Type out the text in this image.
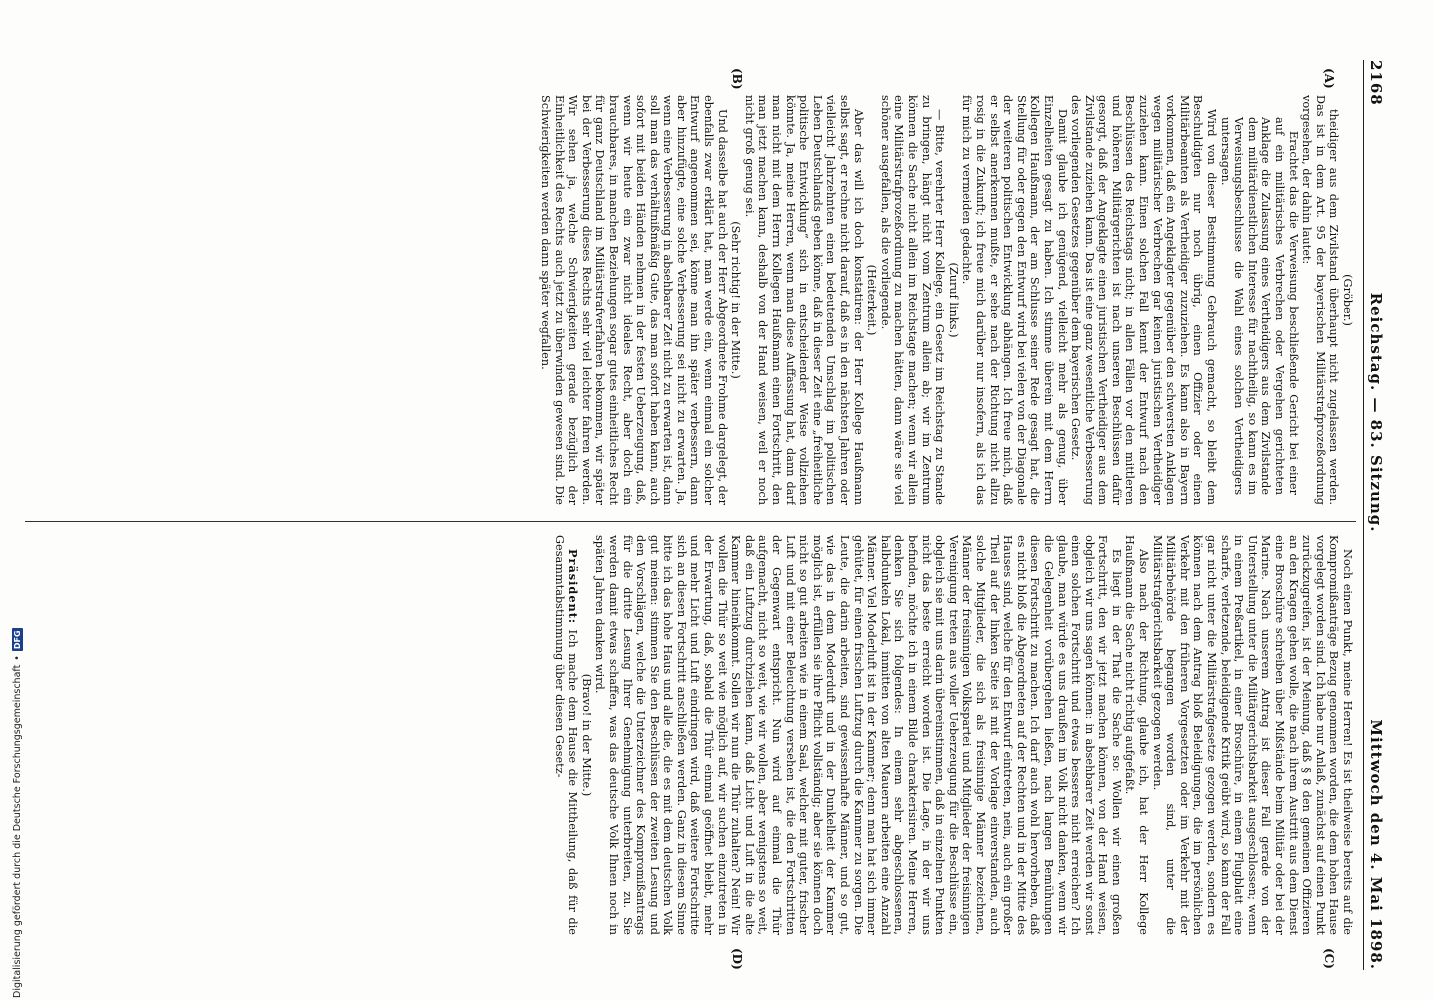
2168
Reichstag. — 83. Sitzung.
Mittwoch den 4. Mai 1898.
(A)
(B)
(C)
(D)

(Gröber.)

theidiger aus dem Zivilstand überhaupt nicht zugelassen werden. Das ist in dem Art. 95 der bayerischen Militärstrafprozeßordnung vorgesehen, der dahin lautet:

Erachtet das die Verweisung beschließende Gericht bei einer auf ein militärisches Verbrechen oder Vergehen gerichteten Anklage die Zulassung eines Vertheidigers aus dem Zivilstande dem militärdienstlichen Interesse für nachtheilig, so kann es im Verweisungsbeschlusse die Wahl eines solchen Vertheidigers untersagen.

Wird von dieser Bestimmung Gebrauch gemacht, so bleibt dem Beschuldigten nur noch übrig, einen Offizier oder einen Militärbeamten als Vertheidiger zuzuziehen. Es kann also in Bayern vorkommen, daß ein Angeklagter gegenüber den schwersten Anklagen wegen militärischer Verbrechen gar keinen juristischen Vertheidiger zuziehen kann. Einen solchen Fall kennt der Entwurf nach den Beschlüssen des Reichstags nicht; in allen Fällen vor den mittleren und höheren Militärgerichten ist nach unseren Beschlüssen dafür gesorgt, daß der Angeklagte einen juristischen Vertheidiger aus dem Zivilstande zuziehen kann. Das ist eine ganz wesentliche Verbesserung des vorliegenden Gesetzes gegenüber dem bayerischen Gesetz.

Damit glaube ich genügend, vielleicht mehr als genug, über Einzelheiten gesagt zu haben. Ich stimme überein mit dem Herrn Kollegen Haußmann, der am Schlusse seiner Rede gesagt hat, die Stellung für oder gegen den Entwurf wird bei vielen von der Diagonale der weiteren politischen Entwicklung abhängen. Ich freue mich, daß er selbst anerkennen mußte, er sehe nach der Richtung nicht allzu rosig in die Zukunft; ich freue mich darüber nur insofern, als ich das für mich zu vermeiden gedachte.

(Zuruf links.)

— Bitte, verehrter Herr Kollege, ein Gesetz im Reichstag zu Stande zu bringen, hängt nicht vom Zentrum allein ab; wir im Zentrum können die Sache nicht allein im Reichstage machen; wenn wir allein eine Militärstrafprozeßordnung zu machen hätten, dann wäre sie viel schöner ausgefallen, als die vorliegende.

(Heiterkeit.)

Aber das will ich doch konstatiren: der Herr Kollege Haußmann selbst sagt, er rechne nicht darauf, daß es in den nächsten Jahren oder vielleicht Jahrzehnten einen bedeutenden Umschlag im politischen Leben Deutschlands geben könne, daß in dieser Zeit eine „freiheitliche politische Entwicklung“ sich in entscheidender Weise vollziehen könnte. Ja, meine Herren, wenn man diese Auffassung hat, dann darf man nicht mit dem Herrn Kollegen Haußmann einen Fortschritt, den man jetzt machen kann, deshalb von der Hand weisen, weil er noch nicht groß genug sei.

(Sehr richtig! in der Mitte.)

Und dasselbe hat auch der Herr Abgeordnete Frohme dargelegt, der ebenfalls zwar erklärt hat, man werde ein, wenn einmal ein solcher Entwurf angenommen sei, könne man ihn später verbessern, dann aber hinzufügte, eine solche Verbesserung sei nicht zu erwarten. Ja, wenn eine Verbesserung in absehbarer Zeit nicht zu erwarten ist, dann soll man das verhältnißmäßig Gute, das man sofort haben kann, auch sofort mit beiden Händen nehmen in der festen Ueberzeugung, daß, wenn wir heute ein zwar nicht ideales Recht, aber doch ein brauchbares, in manchen Beziehungen sogar gutes einheitliches Recht für ganz Deutschland im Militärstrafverfahren bekommen, wir später bei der Verbesserung dieses Rechts sehr viel leichter fahren werden. Wir sehen ja, welche Schwierigkeiten gerade bezüglich der Einheitlichkeit des Rechts auch jetzt zu überwinden gewesen sind. Die Schwierigkeiten werden dann später wegfallen.

Noch einen Punkt, meine Herren! Es ist theilweise bereits auf die Kompromißanträge Bezug genommen worden, die dem hohen Hause vorgelegt worden sind. Ich habe nur Anlaß, zunächst auf einen Punkt zurückzugreifen, ist der Meinung, daß § 8 den gemeinen Offizieren an den Kragen gehen wolle, die nach ihrem Austritt aus dem Dienst eine Broschüre schreiben über Mißstände beim Militär oder bei der Marine. Nach unserem Antrag ist dieser Fall gerade von der Unterstellung unter die Militärgerichtsbarkeit ausgeschlossen; wenn in einem Preßartikel, in einer Broschüre, in einem Flugblatt eine scharfe, verletzende, beleidigende Kritik geübt wird, so kann der Fall gar nicht unter die Militärstrafgesetze gezogen werden, sondern es können nach dem Antrag bloß Beleidigungen, die im persönlichen Verkehr mit den früheren Vorgesetzten oder im Verkehr mit der Militärbehörde begangen worden sind, unter die Militärstrafgerichtsbarkeit gezogen werden.

Also nach der Richtung, glaube ich, hat der Herr Kollege Haußmann die Sache nicht richtig aufgefaßt.

Es liegt in der That die Sache so: Wollen wir einen großen Fortschritt, den wir jetzt machen können, von der Hand weisen, obgleich wir uns sagen können: in absehbarer Zeit werden wir sonst einen solchen Fortschritt und etwas besseres nicht erreichen? Ich glaube, man würde es uns draußen im Volk nicht danken, wenn wir die Gelegenheit vorübergehen ließen, nach langen Bemühungen diesen Fortschritt zu machen. Ich darf auch wohl hervorheben, daß es nicht bloß die Abgeordneten auf der Rechten und in der Mitte des Hauses sind, welche für den Entwurf eintreten, nein, auch ein großer Theil auf der linken Seite ist mit der Vorlage einverstanden, auch solche Mitglieder, die sich als freisinnige Männer bezeichnen, Männer der freisinnigen Volkspartei und Mitglieder der freisinnigen Vereinigung treten aus voller Ueberzeugung für die Beschlüsse ein, obgleich sie mit uns darin übereinstimmen, daß in einzelnen Punkten nicht das beste erreicht worden ist. Die Lage, in der wir uns befinden, möchte ich in einem Bilde charakterisiren. Meine Herren, denken Sie sich folgendes: In einem sehr abgeschlossenen, halbdunkeln Lokal, inmitten von alten Mauern arbeiten eine Anzahl Männer. Viel Moderluft ist in der Kammer; denn man hat sich immer gehütet, für einen frischen Luftzug durch die Kammer zu sorgen. Die Leute, die darin arbeiten, sind gewissenhafte Männer, und so gut, wie das in dem Moderduft und in der Dunkelheit der Kammer möglich ist, erfüllen sie ihre Pflicht vollständig; aber sie können doch nicht so gut arbeiten wie in einem Saal, welcher mit guter, frischer Luft und mit einer Beleuchtung versehen ist, die den Fortschritten der Gegenwart entspricht. Nun wird auf einmal die Thür aufgemacht, nicht so weit, wie wir wollen, aber wenigstens so weit, daß ein Luftzug durchziehen kann, daß Licht und Luft in die alte Kammer hineinkommt. Sollen wir nun die Thür zuhalten? Nein! Wir wollen die Thür so weit wie möglich auf, wir suchen einzutreten in der Erwartung, daß, sobald die Thür einmal geöffnet bleibt, mehr und mehr Licht und Luft eindringen wird, daß weitere Fortschritte sich an diesen Fortschritt anschließen werden. Ganz in diesem Sinne bitte ich das hohe Haus und alle die, die es mit dem deutschen Volk gut meinen: stimmen Sie den Beschlüssen der zweiten Lesung und den Vorschlägen, welche die Unterzeichner des Kompromißantrags für die dritte Lesung Ihrer Genehmigung unterbreiten, zu. Sie werden damit etwas schaffen, was das deutsche Volk Ihnen noch in späten Jahren danken wird.

(Bravo! in der Mitte.)

Präsident: Ich mache dem Hause die Mittheilung, daß für die Gesammtabstimmung über diesen Gesetz-

Digitalisierung gefördert durch die Deutsche Forschungsgemeinschaft
•
DFG
